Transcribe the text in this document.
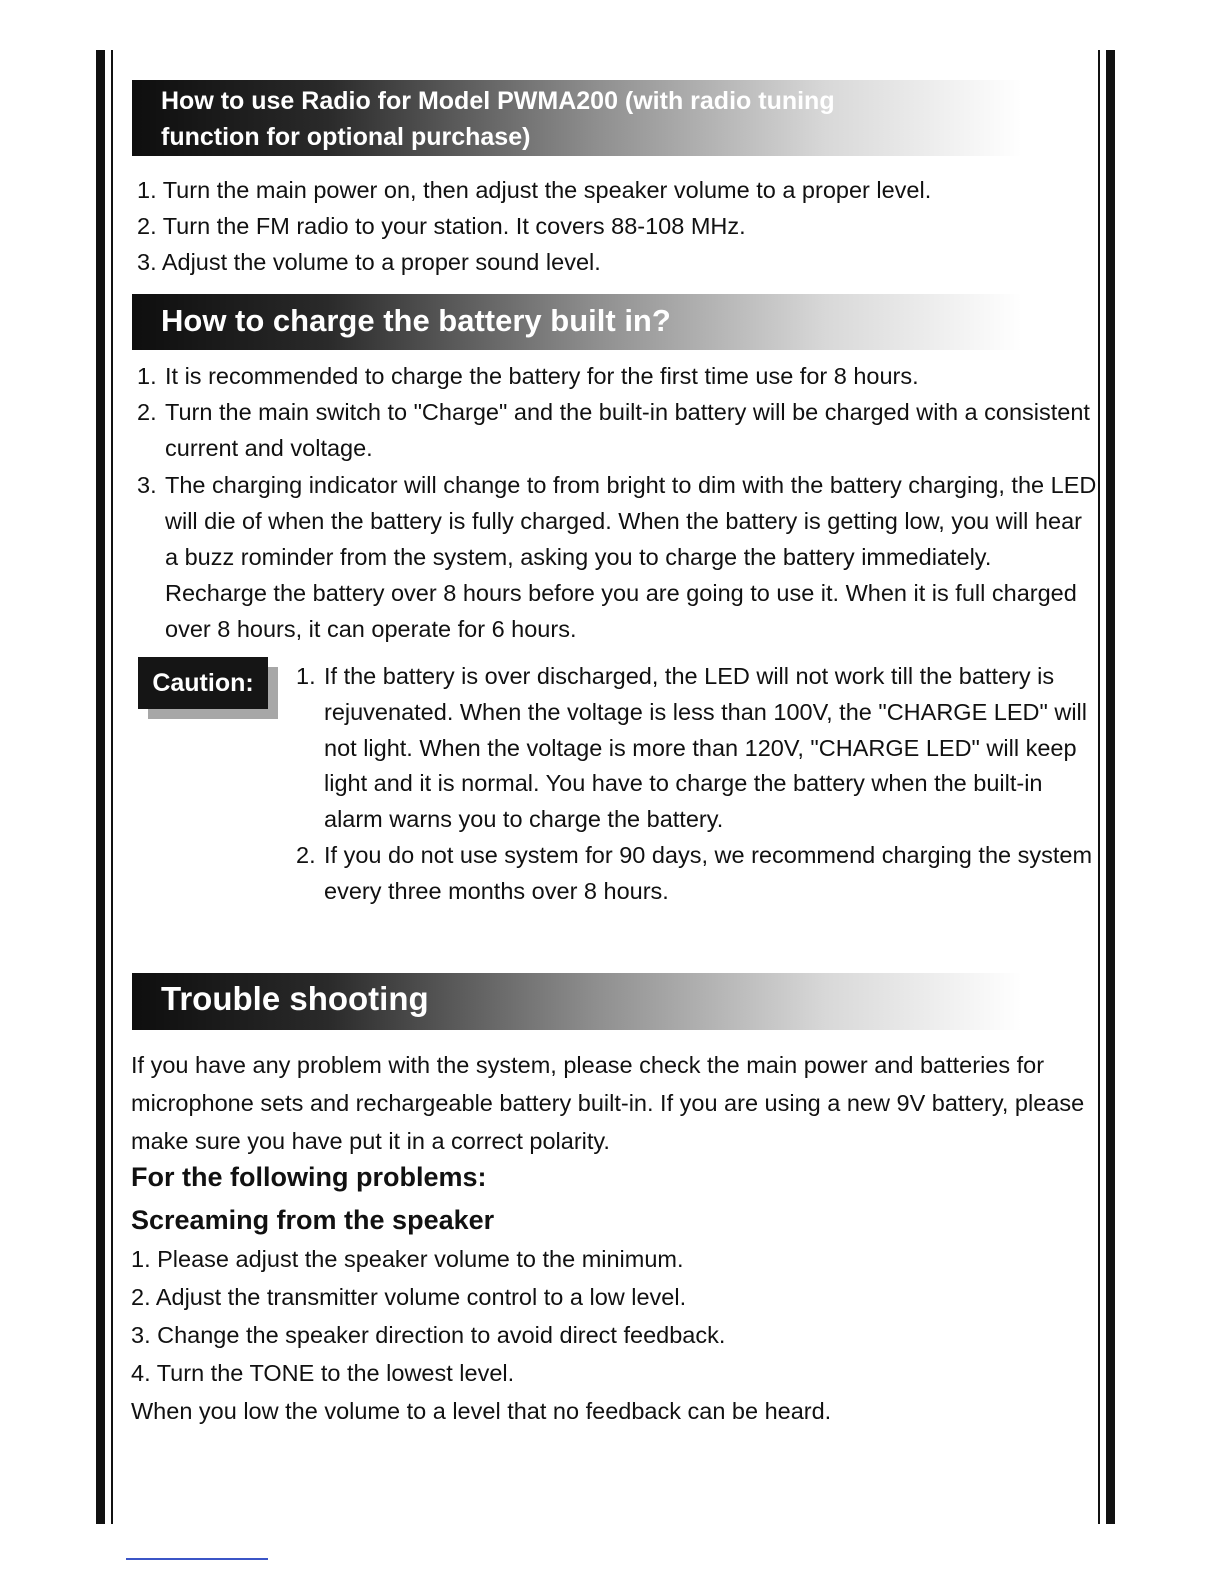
How to use Radio for Model PWMA200 (with radio tuning
function for optional purchase)
1. Turn the main power on, then adjust the speaker volume to a proper level.
2. Turn the FM radio to your station. It covers 88-108 MHz.
3. Adjust the volume to a proper sound level.
How to charge the battery built in?
1. It is recommended to charge the battery for the first time use for 8 hours.
2. Turn the main switch to "Charge" and the built-in battery will be charged with a consistent current and voltage.
3. The charging indicator will change to from bright to dim with the battery charging, the LED will die of when the battery is fully charged. When the battery is getting low, you will hear a buzz rominder from the system, asking you to charge the battery immediately. Recharge the battery over 8 hours before you are going to use it. When it is full charged over 8 hours, it can operate for 6 hours.
Caution:	1. If the battery is over discharged, the LED will not work till the battery is rejuvenated. When the voltage is less than 100V, the "CHARGE LED" will not light. When the voltage is more than 120V, "CHARGE LED" will keep light and it is normal. You have to charge the battery when the built-in alarm warns you to charge the battery.
2. If you do not use system for 90 days, we recommend charging the system every three months over 8 hours.
Trouble shooting

If you have any problem with the system, please check the main power and batteries for microphone sets and rechargeable battery built-in. If you are using a new 9V battery, please make sure you have put it in a correct polarity.

For the following problems:

Screaming from the speaker

1. Please adjust the speaker volume to the minimum.
2. Adjust the transmitter volume control to a low level.
3. Change the speaker direction to avoid direct feedback.
4. Turn the TONE to the lowest level.

When you low the volume to a level that no feedback can be heard.
